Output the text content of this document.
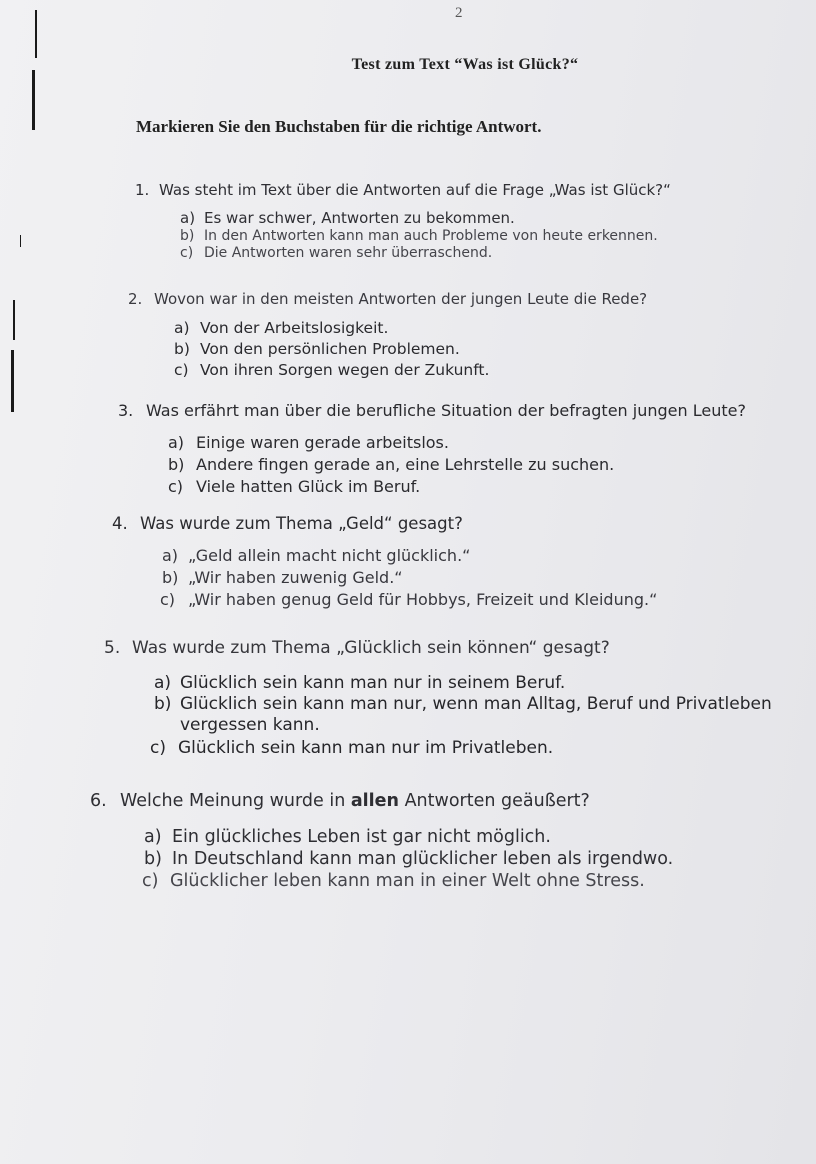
2
Test zum Text “Was ist Glück?“
Markieren Sie den Buchstaben für die richtige Antwort.
1. Was steht im Text über die Antworten auf die Frage „Was ist Glück?“
a) Es war schwer, Antworten zu bekommen.
b) In den Antworten kann man auch Probleme von heute erkennen.
c) Die Antworten waren sehr überraschend.
2. Wovon war in den meisten Antworten der jungen Leute die Rede?
a) Von der Arbeitslosigkeit.
b) Von den persönlichen Problemen.
c) Von ihren Sorgen wegen der Zukunft.
3. Was erfährt man über die berufliche Situation der befragten jungen Leute?
a) Einige waren gerade arbeitslos.
b) Andere fingen gerade an, eine Lehrstelle zu suchen.
c) Viele hatten Glück im Beruf.
4. Was wurde zum Thema „Geld“ gesagt?
a) „Geld allein macht nicht glücklich.“
b) „Wir haben zuwenig Geld.“
c) „Wir haben genug Geld für Hobbys, Freizeit und Kleidung.“
5. Was wurde zum Thema „Glücklich sein können“ gesagt?
a) Glücklich sein kann man nur in seinem Beruf.
b) Glücklich sein kann man nur, wenn man Alltag, Beruf und Privatleben
vergessen kann.
c) Glücklich sein kann man nur im Privatleben.
6. Welche Meinung wurde in allen Antworten geäußert?
a) Ein glückliches Leben ist gar nicht möglich.
b) In Deutschland kann man glücklicher leben als irgendwo.
c) Glücklicher leben kann man in einer Welt ohne Stress.
